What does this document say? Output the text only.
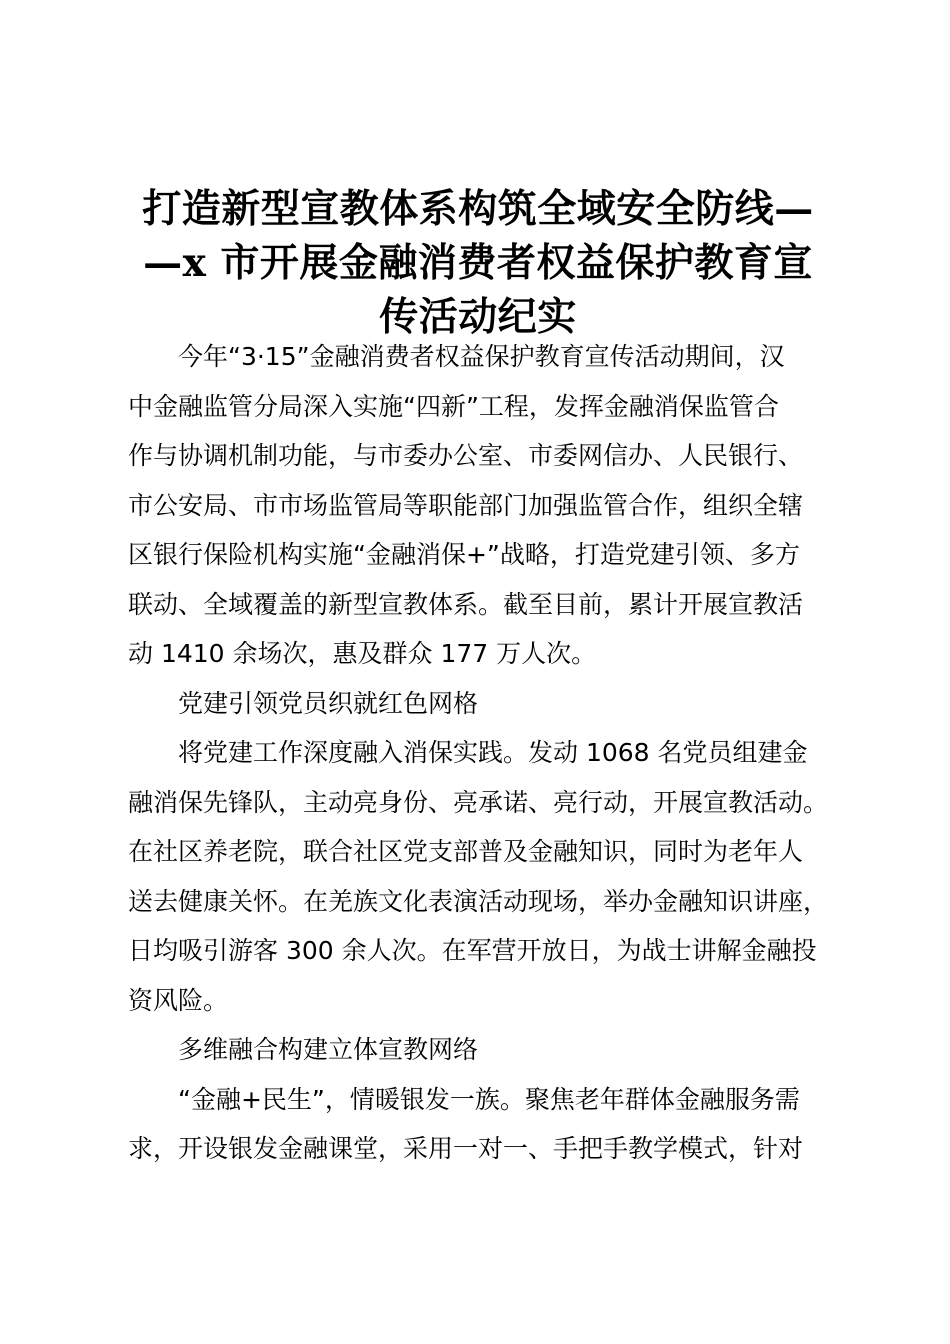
打造新型宣教体系构筑全域安全防线—
—x 市开展金融消费者权益保护教育宣
传活动纪实

今年“3·15”金融消费者权益保护教育宣传活动期间，汉
中金融监管分局深入实施“四新”工程，发挥金融消保监管合
作与协调机制功能，与市委办公室、市委网信办、人民银行、
市公安局、市市场监管局等职能部门加强监管合作，组织全辖
区银行保险机构实施“金融消保+”战略，打造党建引领、多方
联动、全域覆盖的新型宣教体系。截至目前，累计开展宣教活
动 1410 余场次，惠及群众 177 万人次。

党建引领党员织就红色网格

将党建工作深度融入消保实践。发动 1068 名党员组建金
融消保先锋队，主动亮身份、亮承诺、亮行动，开展宣教活动。
在社区养老院，联合社区党支部普及金融知识，同时为老年人
送去健康关怀。在羌族文化表演活动现场，举办金融知识讲座，
日均吸引游客 300 余人次。在军营开放日，为战士讲解金融投
资风险。

多维融合构建立体宣教网络

“金融+民生”，情暖银发一族。聚焦老年群体金融服务需
求，开设银发金融课堂，采用一对一、手把手教学模式，针对
